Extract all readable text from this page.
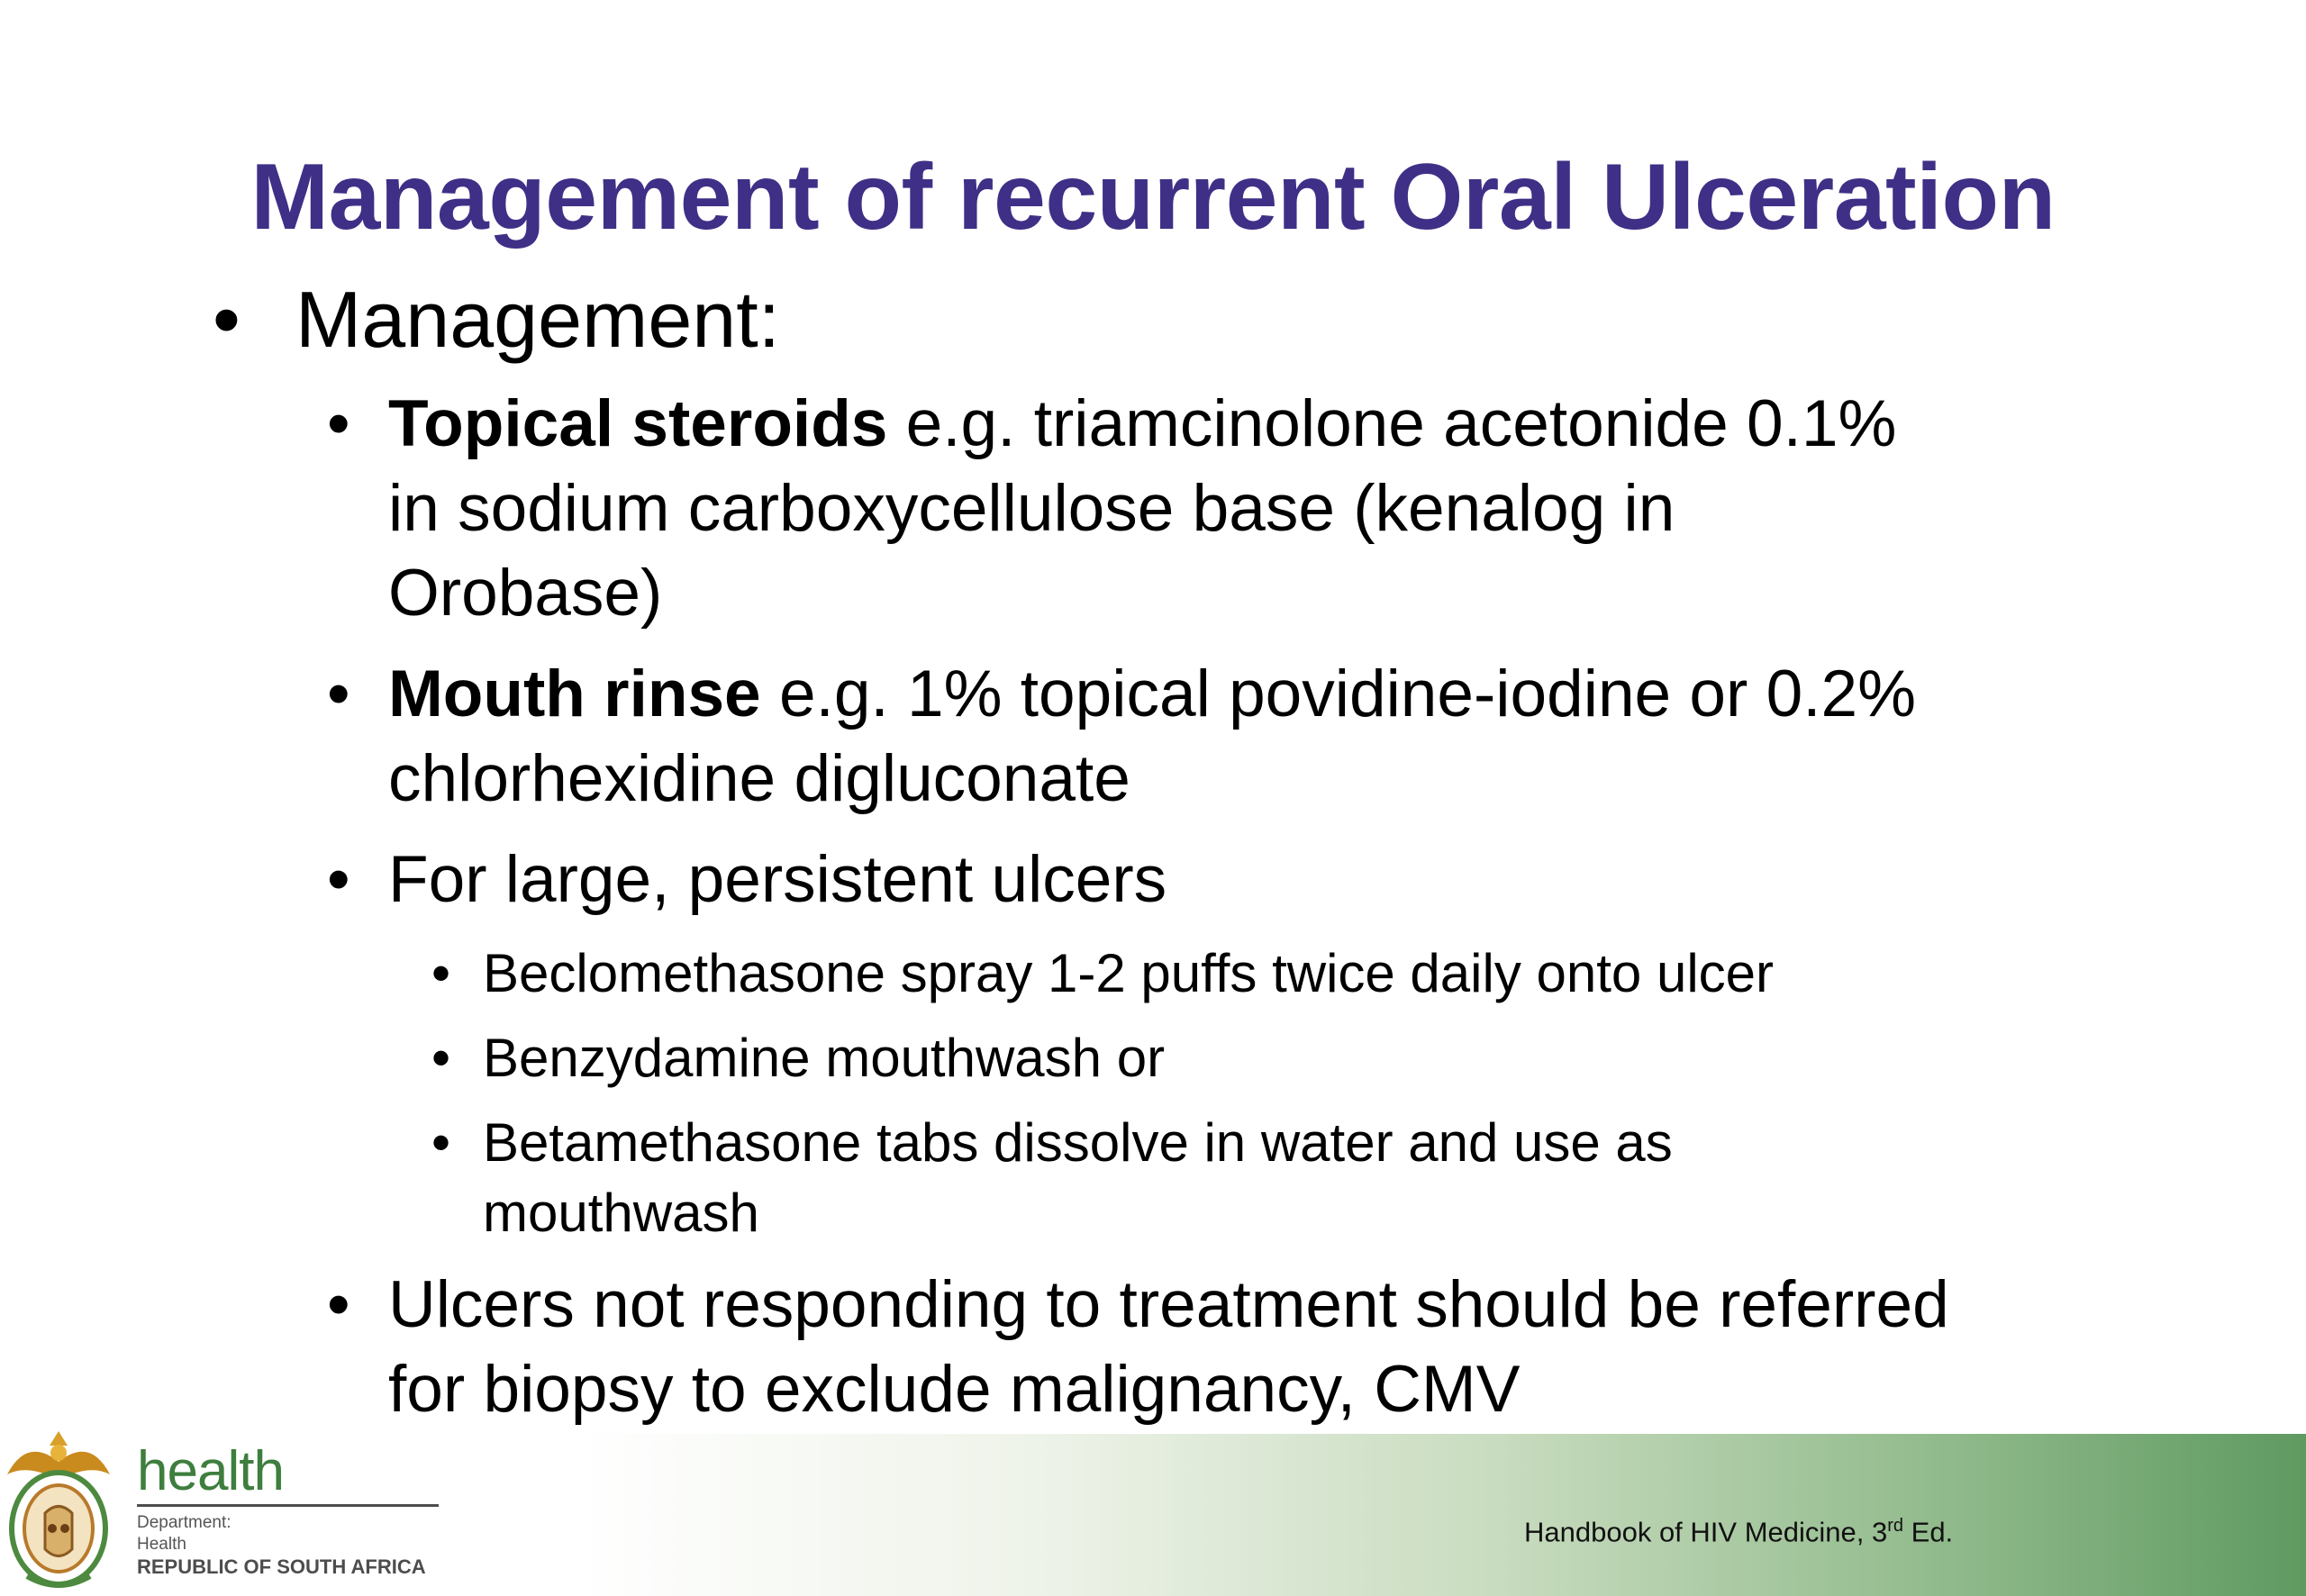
Management of recurrent Oral Ulceration

• Management:

• Topical steroids e.g. triamcinolone acetonide 0.1%
in sodium carboxycellulose base (kenalog in
Orobase)

• Mouth rinse e.g. 1% topical povidine-iodine or 0.2%
chlorhexidine digluconate

• For large, persistent ulcers

• Beclomethasone spray 1-2 puffs twice daily onto ulcer

• Benzydamine mouthwash or

• Betamethasone tabs dissolve in water and use as
mouthwash

• Ulcers not responding to treatment should be referred
for biopsy to exclude malignancy, CMV

Handbook of HIV Medicine, 3rd Ed.
health
Department:
Health
REPUBLIC OF SOUTH AFRICA
